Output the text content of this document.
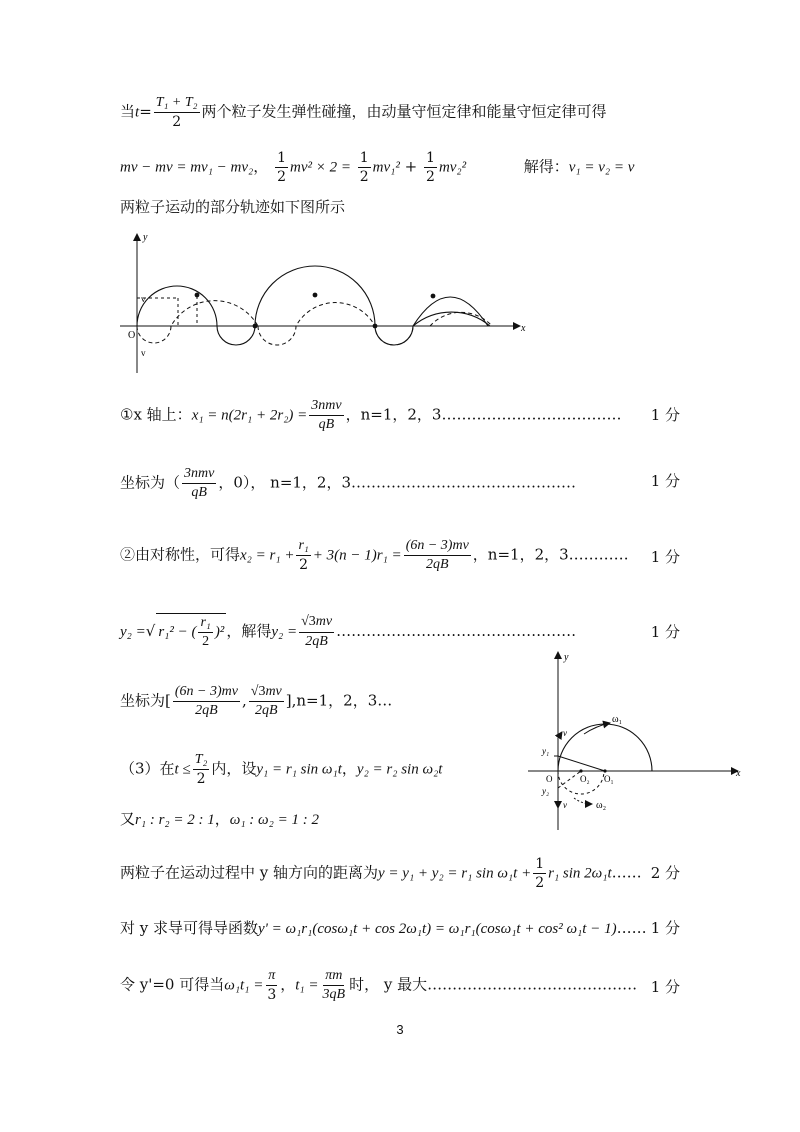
当$t= \frac{\text{T₁ + T₂}}{2}$ 两个粒子发生弹性碰撞，由动量守恒定律和能量守恒定律可得
mv − mv = mv₁ − mv₂， $\frac{1}{2} mv^2 \times 2 = \frac{1}{2} mv_1^2 + \frac{1}{2} mv_2^2$	解得：v₁ = v₂ = v
两粒子运动的部分轨迹如下图所示
y
x
O
v
v
①x 轴上：$x_1 = n(2r_1 + 2r_2) = \frac{\text{3nmv}}{qB}$ ，n=1，2，3……………………………… 1 分
坐标为（ $\frac{\text{3nmv}}{qB}$ ，0）， n=1，2，3………………………………………	1 分
②由对称性，可得$x_2 = r_1 + \frac{\text{r₁}}{2} + 3(n - 1)r_1 = \frac{(6n - 3)mv}{2qB}$ ，n=1，2，3………… 1 分
y₂ =√ r₁² − ( $\frac{\text{r₁}}{2} )^2$ ，解得$y_2 = \frac{√3mv}{2qB}$ …………………………………………	1 分
坐标为[ $\frac{(6n - 3)mv}{2qB}$ , $\frac{√3mv}{2qB} ],n=1$，2，3…
（3）在$t \le \frac{\text{T₂}}{2}$ 内，设y₁ = r₁ sin ω₁t，y₂ = r₂ sin ω₂t
又r₁ : r₂ = 2 : 1，ω₁ : ω₂ = 1 : 2
y
x
ω₁
ω₂
v
v
y₁
y₂
O	O₁
O₂
两粒子在运动过程中 y 轴方向的距离为y = y₁ + y₂ = r₁ $\sin \omega_1t + \frac{1}{2} r_1$ sin 2ω₁t…… 2 分
对 y 求导可得导函数y' = ω₁r₁(cosω₁t + cos 2ω₁t) = ω₁r₁(cosω₁t + cos² ω₁t − 1)…… 1 分
令 y'=0 可得当$\omega_1t_1 = \frac{\pi}{3}$ ，$t_1 = \frac{\pi m}{3qB}$ 时， y 最大…………………………………… 1 分
3
